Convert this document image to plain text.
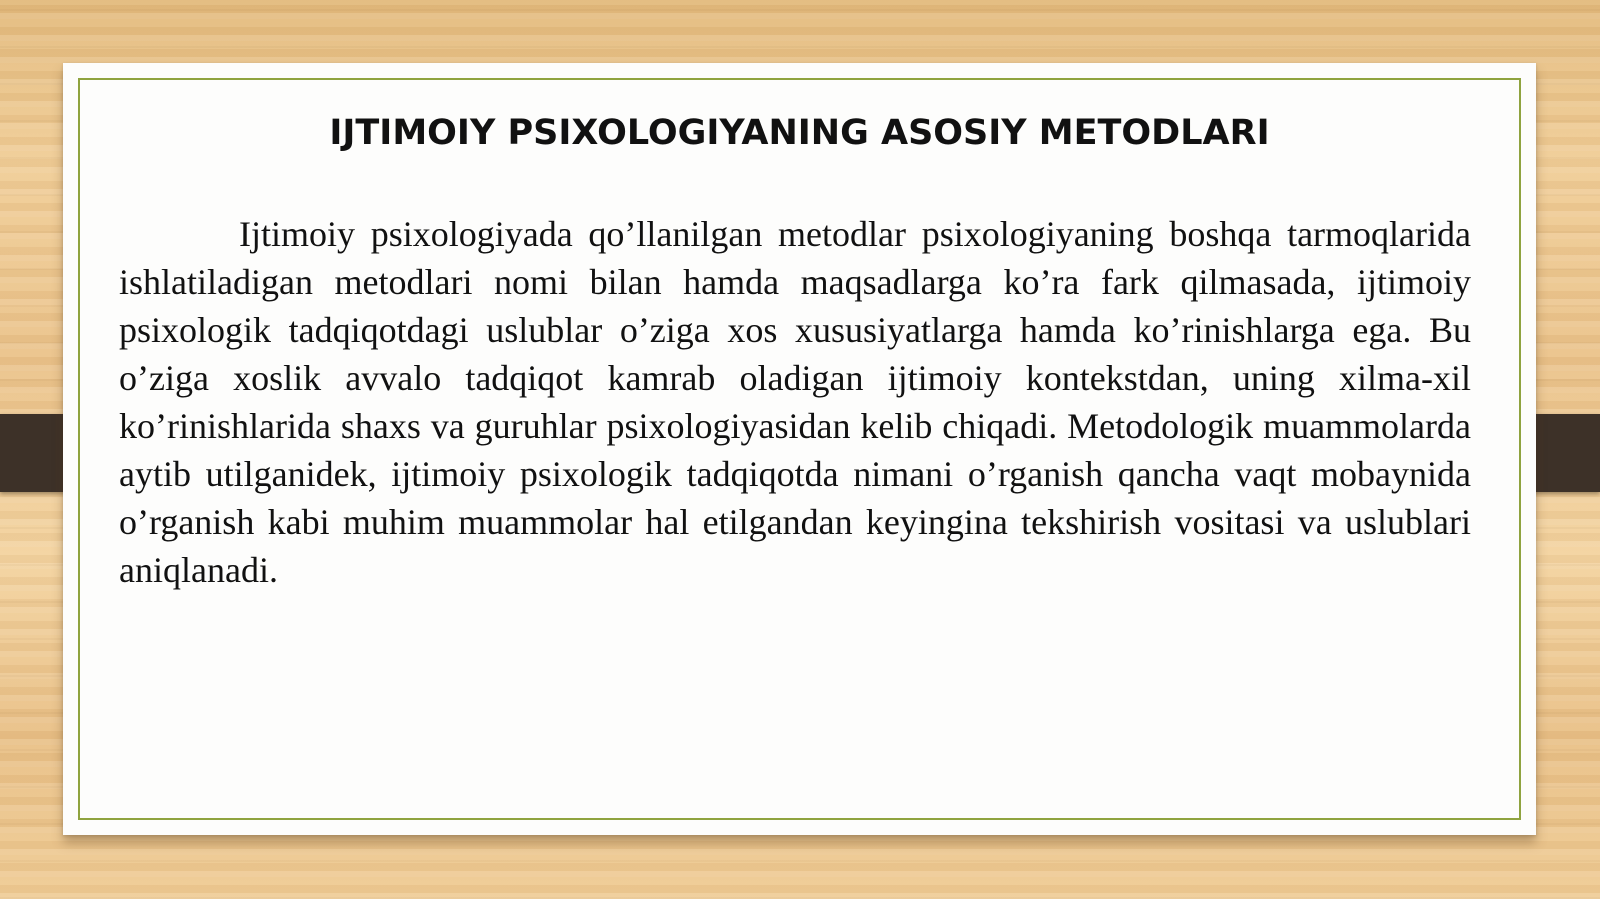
IJTIMOIY PSIXOLOGIYANING ASOSIY METODLARI

Ijtimoiy psixologiyada qo’llanilgan metodlar psixologiyaning boshqa tarmoqlarida ishlatiladigan metodlari nomi bilan hamda maqsadlarga ko’ra fark qilmasada, ijtimoiy psixologik tadqiqotdagi uslublar o’ziga xos xususiyatlarga hamda ko’rinishlarga ega. Bu o’ziga xoslik avvalo tadqiqot kamrab oladigan ijtimoiy kontekstdan, uning xilma-xil ko’rinishlarida shaxs va guruhlar psixologiyasidan kelib chiqadi. Metodologik muammolarda aytib utilganidek, ijtimoiy psixologik tadqiqotda nimani o’rganish qancha vaqt mobaynida o’rganish kabi muhim muammolar hal etilgandan keyingina tekshirish vositasi va uslublari aniqlanadi.
